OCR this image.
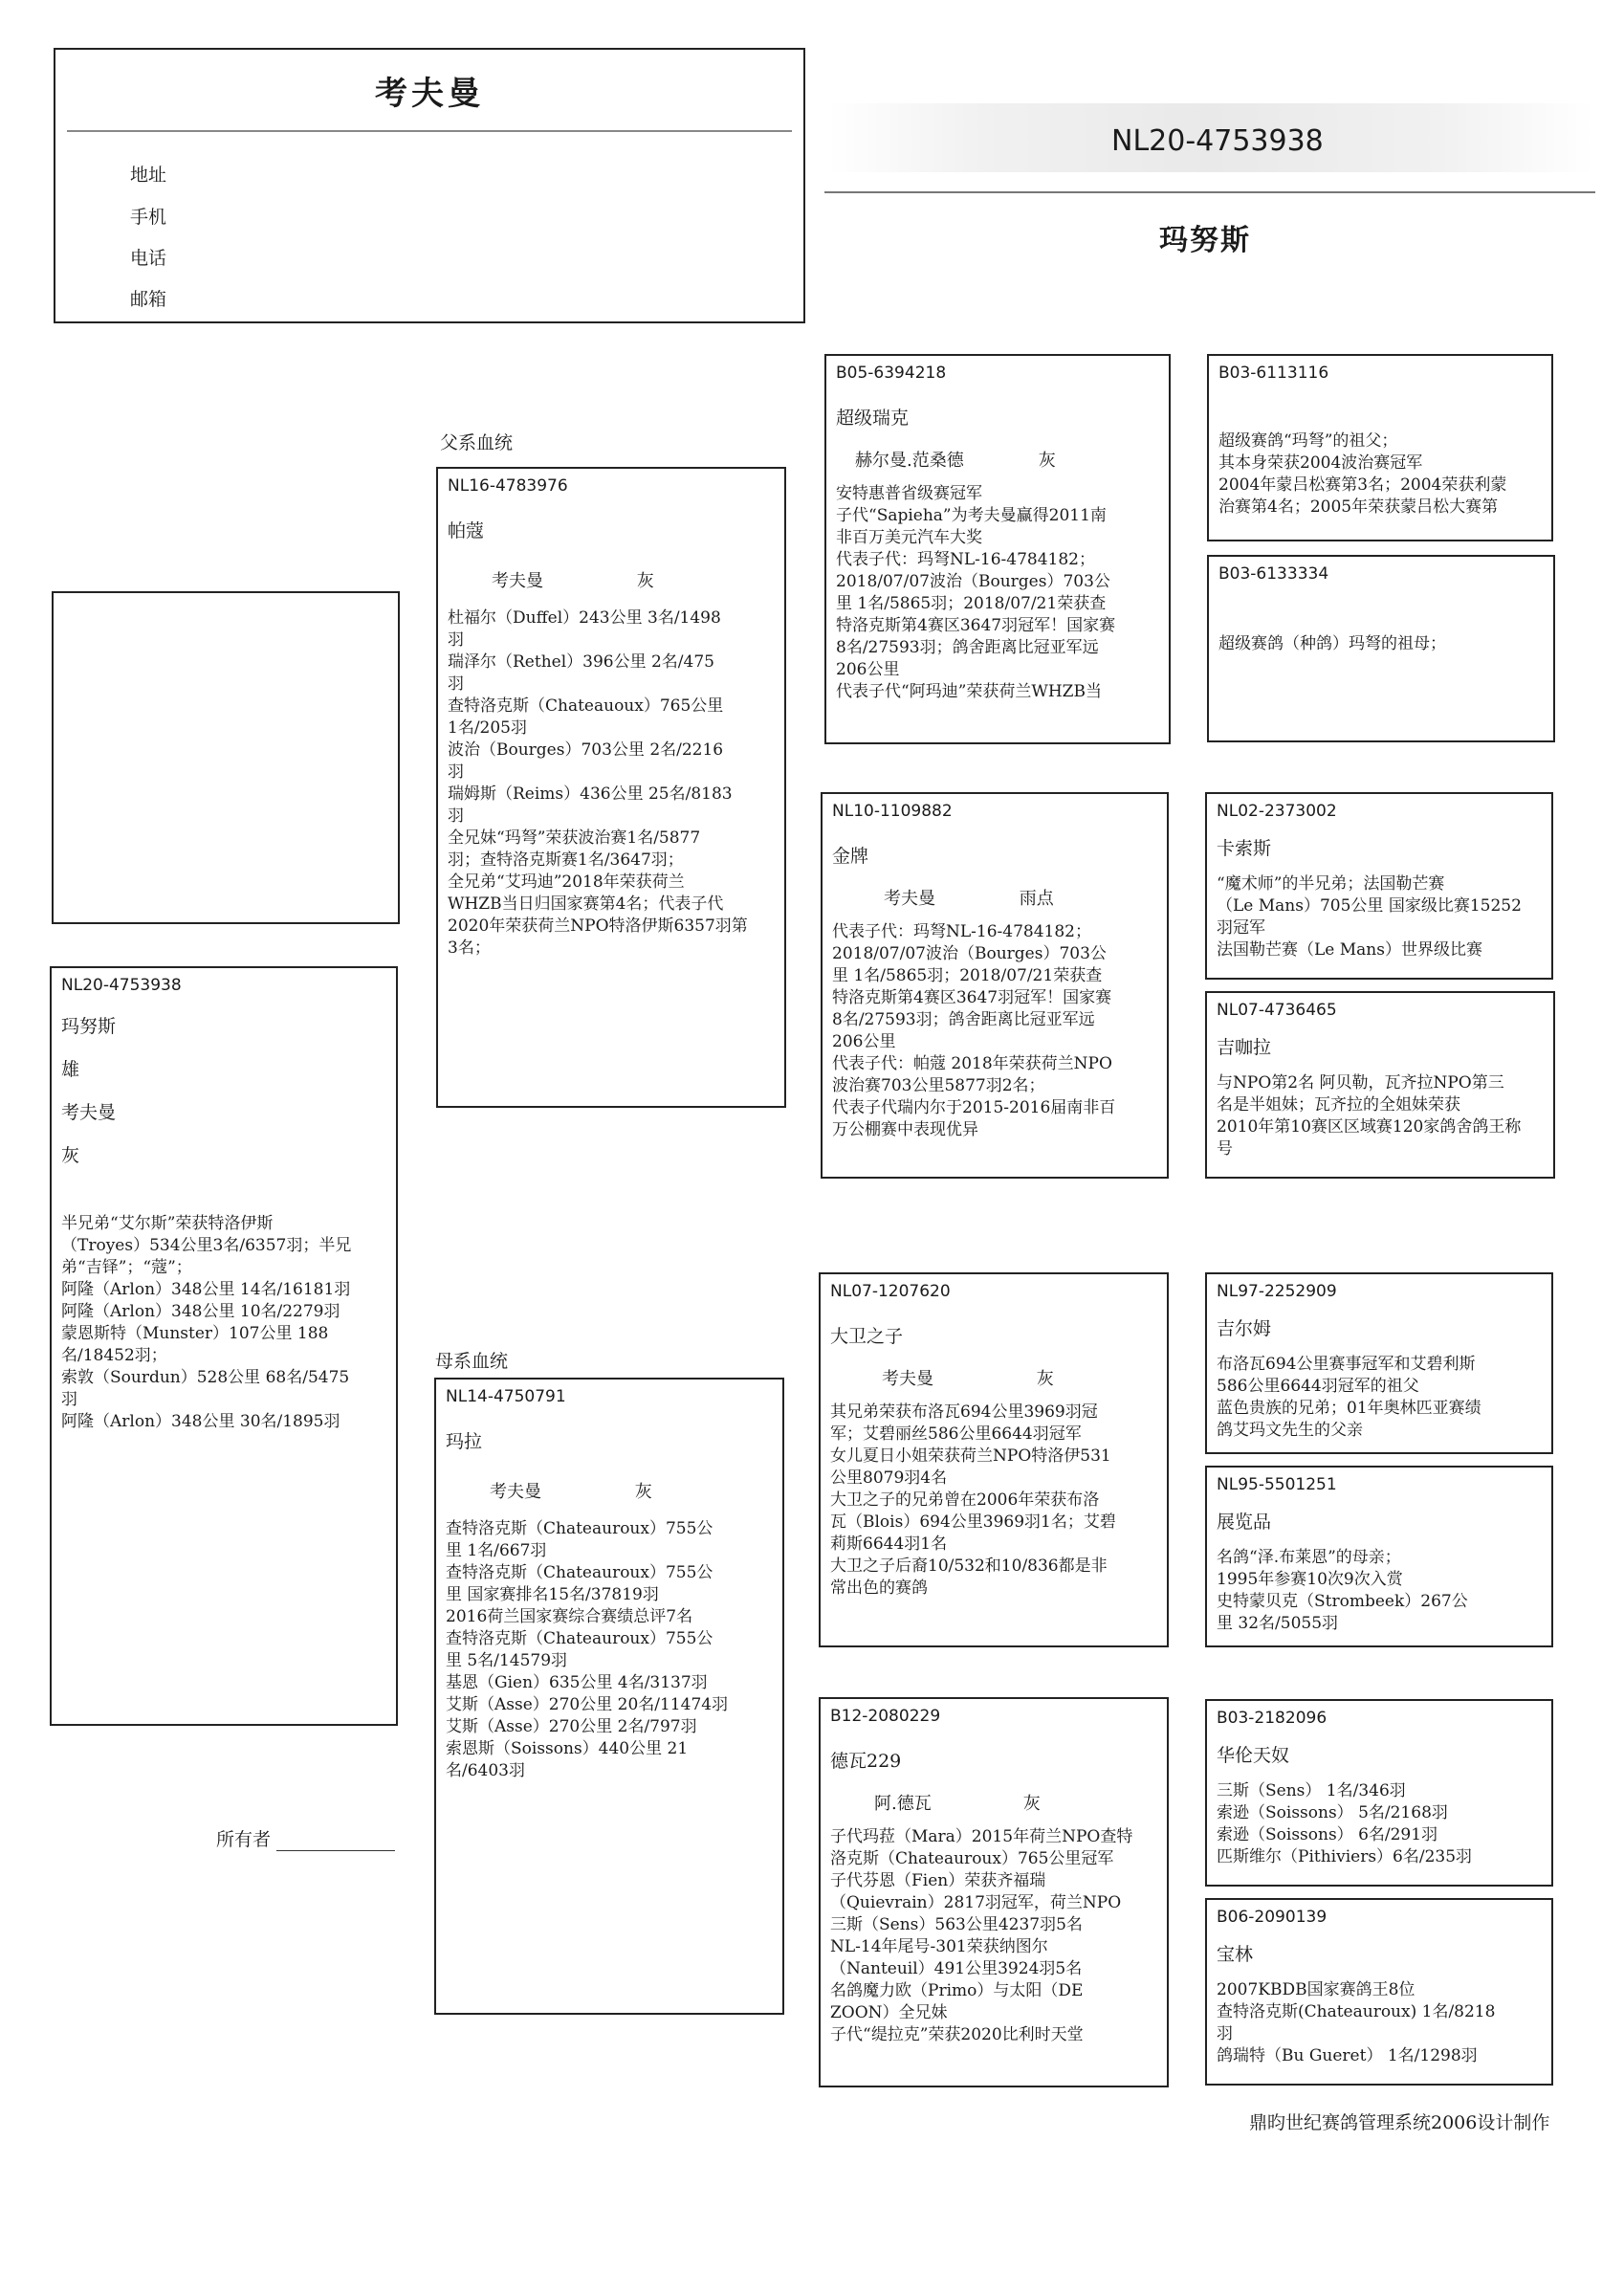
考夫曼
地址
手机
电话
邮箱
NL20-4753938
玛努斯
父系血统
母系血统
NL20-4753938
玛努斯
雄
考夫曼
灰
半兄弟“艾尔斯”荣获特洛伊斯
（Troyes）534公里3名/6357羽；半兄
弟“吉铎”；“蔻”；
阿隆（Arlon）348公里 14名/16181羽
阿隆（Arlon）348公里 10名/2279羽
蒙恩斯特（Munster）107公里 188
名/18452羽；
索敦（Sourdun）528公里 68名/5475
羽
阿隆（Arlon）348公里 30名/1895羽
所有者
NL16-4783976
帕蔻
考夫曼	灰
杜福尔（Duffel）243公里 3名/1498
羽
瑞泽尔（Rethel）396公里 2名/475
羽
查特洛克斯（Chateauoux）765公里
1名/205羽
波治（Bourges）703公里 2名/2216
羽
瑞姆斯（Reims）436公里 25名/8183
羽
全兄妹“玛弩”荣获波治赛1名/5877
羽；查特洛克斯赛1名/3647羽；
全兄弟“艾玛迪”2018年荣获荷兰
WHZB当日归国家赛第4名；代表子代
2020年荣获荷兰NPO特洛伊斯6357羽第
3名；
NL14-4750791
玛拉
考夫曼	灰
查特洛克斯（Chateauroux）755公
里 1名/667羽
查特洛克斯（Chateauroux）755公
里 国家赛排名15名/37819羽
2016荷兰国家赛综合赛绩总评7名
查特洛克斯（Chateauroux）755公
里 5名/14579羽
基恩（Gien）635公里 4名/3137羽
艾斯（Asse）270公里 20名/11474羽
艾斯（Asse）270公里 2名/797羽
索恩斯（Soissons）440公里 21
名/6403羽
B05-6394218
超级瑞克
赫尔曼.范桑德	灰
安特惠普省级赛冠军
子代“Sapieha”为考夫曼赢得2011南
非百万美元汽车大奖
代表子代：玛弩NL-16-4784182；
2018/07/07波治（Bourges）703公
里 1名/5865羽；2018/07/21荣获查
特洛克斯第4赛区3647羽冠军！国家赛
8名/27593羽；鸽舍距离比冠亚军远
206公里
代表子代“阿玛迪”荣获荷兰WHZB当
NL10-1109882
金牌
考夫曼	雨点
代表子代：玛弩NL-16-4784182；
2018/07/07波治（Bourges）703公
里 1名/5865羽；2018/07/21荣获查
特洛克斯第4赛区3647羽冠军！国家赛
8名/27593羽；鸽舍距离比冠亚军远
206公里
代表子代：帕蔻 2018年荣获荷兰NPO
波治赛703公里5877羽2名；
代表子代瑞内尔于2015-2016届南非百
万公棚赛中表现优异
NL07-1207620
大卫之子
考夫曼	灰
其兄弟荣获布洛瓦694公里3969羽冠
军；艾碧丽丝586公里6644羽冠军
女儿夏日小姐荣获荷兰NPO特洛伊531
公里8079羽4名
大卫之子的兄弟曾在2006年荣获布洛
瓦（Blois）694公里3969羽1名；艾碧
莉斯6644羽1名
大卫之子后裔10/532和10/836都是非
常出色的赛鸽
B12-2080229
德瓦229
阿.德瓦	灰
子代玛菈（Mara）2015年荷兰NPO查特
洛克斯（Chateauroux）765公里冠军
子代芬恩（Fien）荣获齐福瑞
（Quievrain）2817羽冠军，荷兰NPO
三斯（Sens）563公里4237羽5名
NL-14年尾号-301荣获纳图尔
（Nanteuil）491公里3924羽5名
名鸽魔力欧（Primo）与太阳（DE
ZOON）全兄妹
子代“缇拉克”荣获2020比利时天堂
B03-6113116
超级赛鸽“玛弩”的祖父；
其本身荣获2004波治赛冠军
2004年蒙吕松赛第3名；2004荣获利蒙
治赛第4名；2005年荣获蒙吕松大赛第
B03-6133334
超级赛鸽（种鸽）玛弩的祖母；
NL02-2373002
卡索斯
“魔术师”的半兄弟；法国勒芒赛
（Le Mans）705公里 国家级比赛15252
羽冠军
法国勒芒赛（Le Mans）世界级比赛
NL07-4736465
吉咖拉
与NPO第2名 阿贝勒，瓦齐拉NPO第三
名是半姐妹；瓦齐拉的全姐妹荣获
2010年第10赛区区域赛120家鸽舍鸽王称
号
NL97-2252909
吉尔姆
布洛瓦694公里赛事冠军和艾碧利斯
586公里6644羽冠军的祖父
蓝色贵族的兄弟；01年奥林匹亚赛绩
鸽艾玛文先生的父亲
NL95-5501251
展览品
名鸽“泽.布莱恩”的母亲；
1995年参赛10次9次入赏
史特蒙贝克（Strombeek）267公
里 32名/5055羽
B03-2182096
华伦天奴
三斯（Sens） 1名/346羽
索逊（Soissons） 5名/2168羽
索逊（Soissons） 6名/291羽
匹斯维尔（Pithiviers）6名/235羽
B06-2090139
宝林
2007KBDB国家赛鸽王8位
查特洛克斯(Chateauroux) 1名/8218
羽
鸽瑞特（Bu Gueret） 1名/1298羽
鼎昀世纪赛鸽管理系统2006设计制作
